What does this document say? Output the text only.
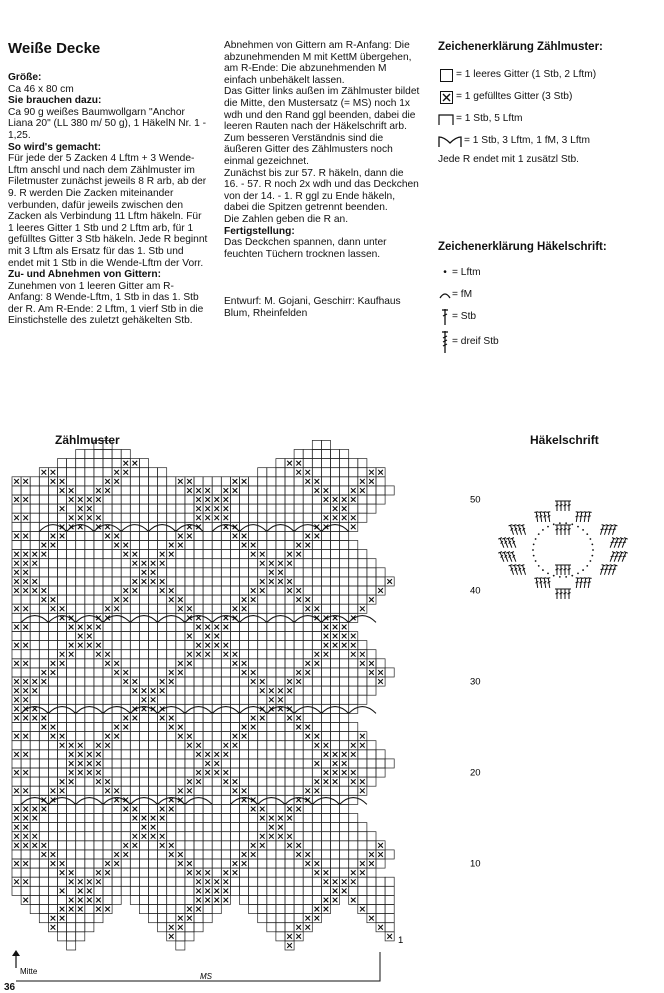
Weiße Decke

Größe:

Ca 46 x 80 cm

Sie brauchen dazu:

Ca 90 g weißes Baumwollgarn "Anchor Liana 20" (LL 380 m/ 50 g), 1 HäkelN Nr. 1 - 1,25.

So wird's gemacht:

Für jede der 5 Zacken 4 Lftm + 3 Wende-Lftm anschl und nach dem Zählmuster im Filetmuster zunächst jeweils 8 R arb, ab der 9. R werden Die Zacken miteinander verbunden, dafür jeweils zwischen den Zacken als Verbindung 11 Lftm häkeln. Für 1 leeres Gitter 1 Stb und 2 Lftm arb, für 1 gefülltes Gitter 3 Stb häkeln. Jede R beginnt mit 3 Lftm als Ersatz für das 1. Stb und endet mit 1 Stb in die Wende-Lftm der Vorr.

Zu- und Abnehmen von Gittern:

Zunehmen von 1 leeren Gitter am R-Anfang: 8 Wende-Lftm, 1 Stb in das 1. Stb der R. Am R-Ende: 2 Lftm, 1 vierf Stb in die Einstichstelle des zuletzt gehäkelten Stb.

Abnehmen von Gittern am R-Anfang: Die abzunehmenden M mit KettM übergehen, am R-Ende: Die abzunehmenden M einfach unbehäkelt lassen.

Das Gitter links außen im Zählmuster bildet die Mitte, den Mustersatz (= MS) noch 1x wdh und den Rand ggl beenden, dabei die leeren Rauten nach der Häkelschrift arb. Zum besseren Verständnis sind die äußeren Gitter des Zählmusters noch einmal gezeichnet.

Zunächst bis zur 57. R häkeln, dann die 16. - 57. R noch 2x wdh und das Deckchen von der 14. - 1. R ggl zu Ende häkeln, dabei die Spitzen getrennt beenden.

Die Zahlen geben die R an.

Fertigstellung:

Das Deckchen spannen, dann unter feuchten Tüchern trocknen lassen.

Entwurf: M. Gojani, Geschirr: Kaufhaus Blum, Rheinfelden

Zeichenerklärung Zählmuster:
= 1 leeres Gitter (1 Stb, 2 Lftm)
= 1 gefülltes Gitter (3 Stb)
= 1 Stb, 5 Lftm
= 1 Stb, 3 Lftm, 1 fM, 3 Lftm

Jede R endet mit 1 zusätzl Stb.

Zeichenerklärung Häkelschrift:
• = Lftm
= fM
= Stb
= dreif Stb
Zählmuster	Häkelschrift
50
40
30
20
10
1
Mitte
MS
36
